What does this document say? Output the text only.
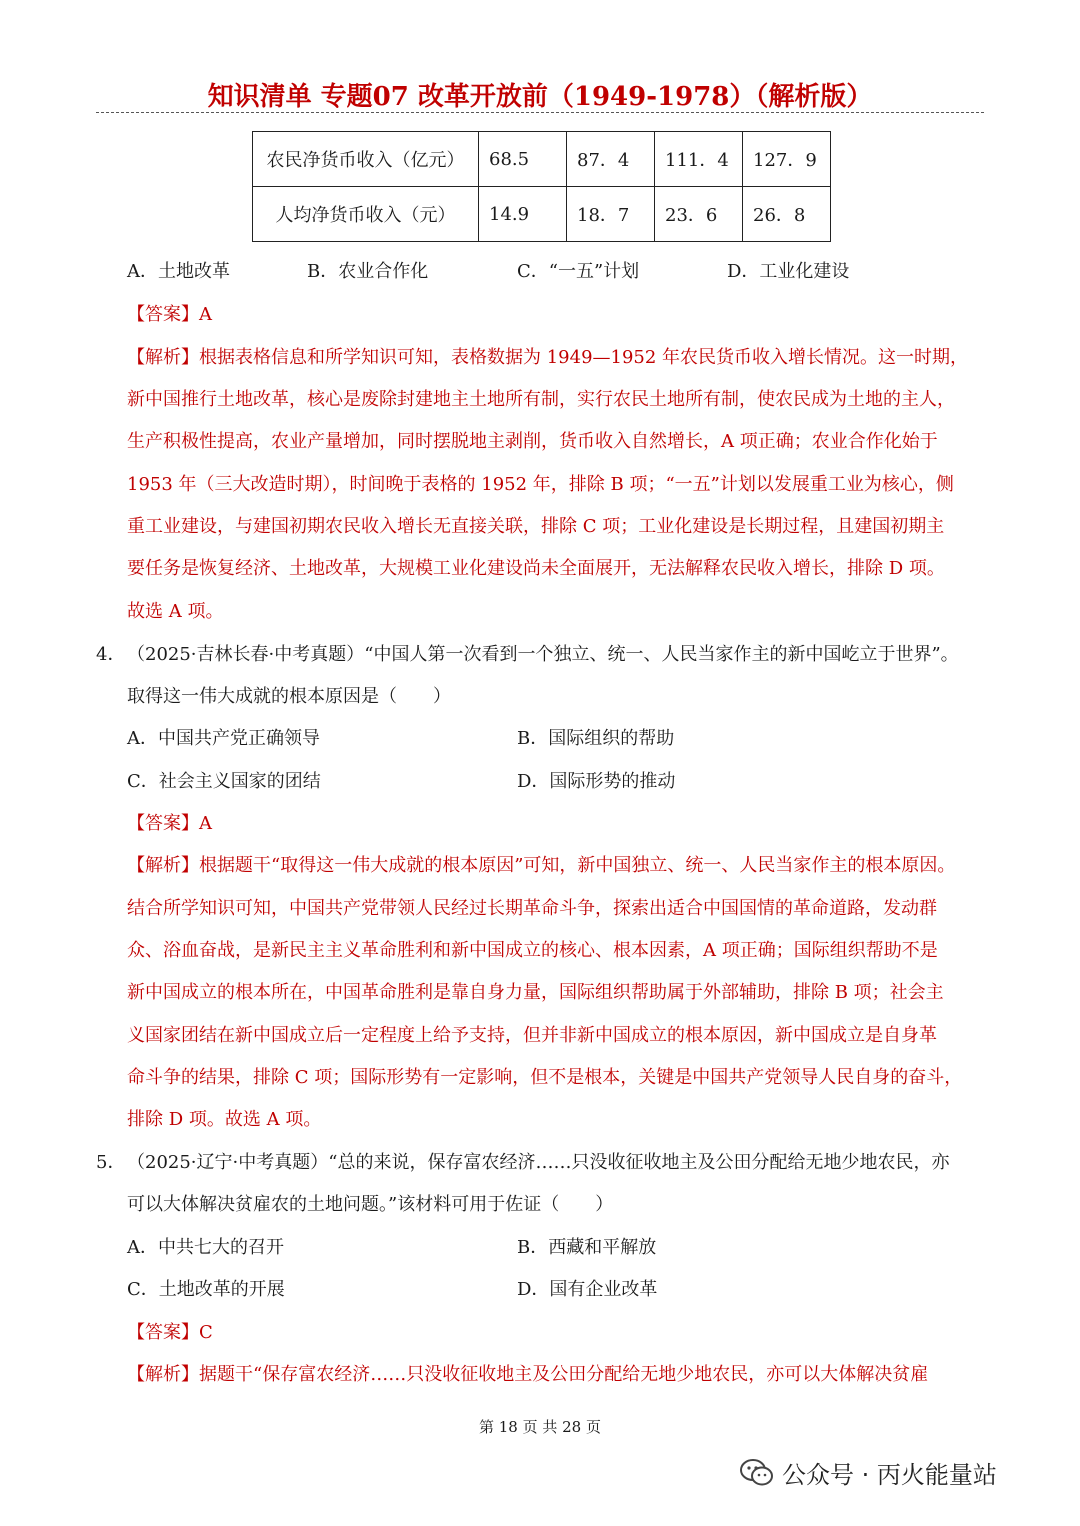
知识清单 专题07 改革开放前（1949-1978）（解析版）
农民净货币收入（亿元）	68.5	87．4	111．4	127．9
人均净货币收入（元）	14.9	18．7	23．6	26．8
A．土地改革	B．农业合作化	C．“一五”计划	D．工业化建设
【答案】A
【解析】根据表格信息和所学知识可知，表格数据为 1949—1952 年农民货币收入增长情况。这一时期，
新中国推行土地改革，核心是废除封建地主土地所有制，实行农民土地所有制，使农民成为土地的主人，
生产积极性提高，农业产量增加，同时摆脱地主剥削，货币收入自然增长，A 项正确；农业合作化始于
1953 年（三大改造时期），时间晚于表格的 1952 年，排除 B 项；“一五”计划以发展重工业为核心，侧
重工业建设，与建国初期农民收入增长无直接关联，排除 C 项；工业化建设是长期过程，且建国初期主
要任务是恢复经济、土地改革，大规模工业化建设尚未全面展开，无法解释农民收入增长，排除 D 项。
故选 A 项。
4． （2025·吉林长春·中考真题）“中国人第一次看到一个独立、统一、人民当家作主的新中国屹立于世界”。
取得这一伟大成就的根本原因是（　　）
A．中国共产党正确领导	B．国际组织的帮助
C．社会主义国家的团结	D．国际形势的推动
【答案】A
【解析】根据题干“取得这一伟大成就的根本原因”可知，新中国独立、统一、人民当家作主的根本原因。
结合所学知识可知，中国共产党带领人民经过长期革命斗争，探索出适合中国国情的革命道路，发动群
众、浴血奋战，是新民主主义革命胜利和新中国成立的核心、根本因素，A 项正确；国际组织帮助不是
新中国成立的根本所在，中国革命胜利是靠自身力量，国际组织帮助属于外部辅助，排除 B 项；社会主
义国家团结在新中国成立后一定程度上给予支持，但并非新中国成立的根本原因，新中国成立是自身革
命斗争的结果，排除 C 项；国际形势有一定影响，但不是根本，关键是中国共产党领导人民自身的奋斗，
排除 D 项。故选 A 项。
5． （2025·辽宁·中考真题）“总的来说，保存富农经济……只没收征收地主及公田分配给无地少地农民，亦
可以大体解决贫雇农的土地问题。”该材料可用于佐证（　　）
A．中共七大的召开	B．西藏和平解放
C．土地改革的开展	D．国有企业改革
【答案】C
【解析】据题干“保存富农经济……只没收征收地主及公田分配给无地少地农民，亦可以大体解决贫雇
第 18 页 共 28 页
公众号 · 丙火能量站
